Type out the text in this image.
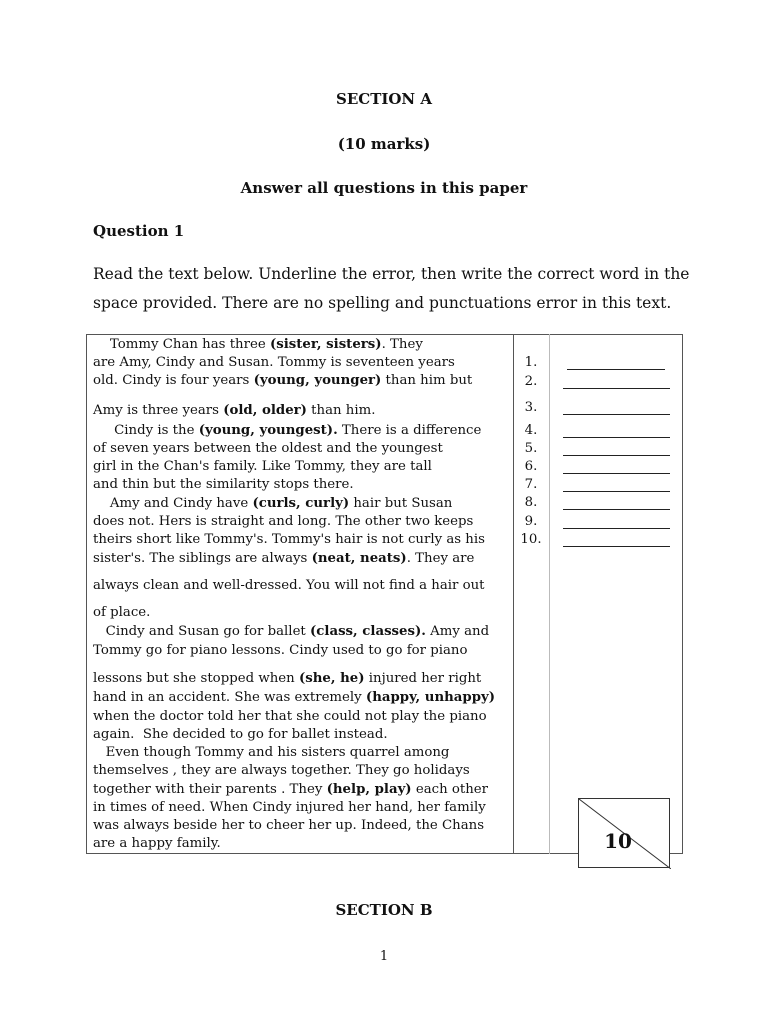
SECTION A
(10 marks)
Answer all questions in this paper
Question 1
Read the text below. Underline the error, then write the correct word in the
space provided. There are no spelling and punctuations error in this text.
Tommy Chan has three (sister, sisters). They
are Amy, Cindy and Susan. Tommy is seventeen years
old. Cindy is four years (young, younger) than him but
Amy is three years (old, older) than him.
Cindy is the (young, youngest). There is a difference
of seven years between the oldest and the youngest
girl in the Chan's family. Like Tommy, they are tall
and thin but the similarity stops there.
Amy and Cindy have (curls, curly) hair but Susan
does not. Hers is straight and long. The other two keeps
theirs short like Tommy's. Tommy's hair is not curly as his
sister's. The siblings are always (neat, neats). They are
always clean and well-dressed. You will not find a hair out
of place.
Cindy and Susan go for ballet (class, classes). Amy and
Tommy go for piano lessons. Cindy used to go for piano
lessons but she stopped when (she, he) injured her right
hand in an accident. She was extremely (happy, unhappy)
when the doctor told her that she could not play the piano
again.  She decided to go for ballet instead.
Even though Tommy and his sisters quarrel among
themselves , they are always together. They go holidays
together with their parents . They (help, play) each other
in times of need. When Cindy injured her hand, her family
was always beside her to cheer her up. Indeed, the Chans
are a happy family.
1.
2.
3.
4.
5.
6.
7.
8.
9.
10.
10
SECTION B
1
